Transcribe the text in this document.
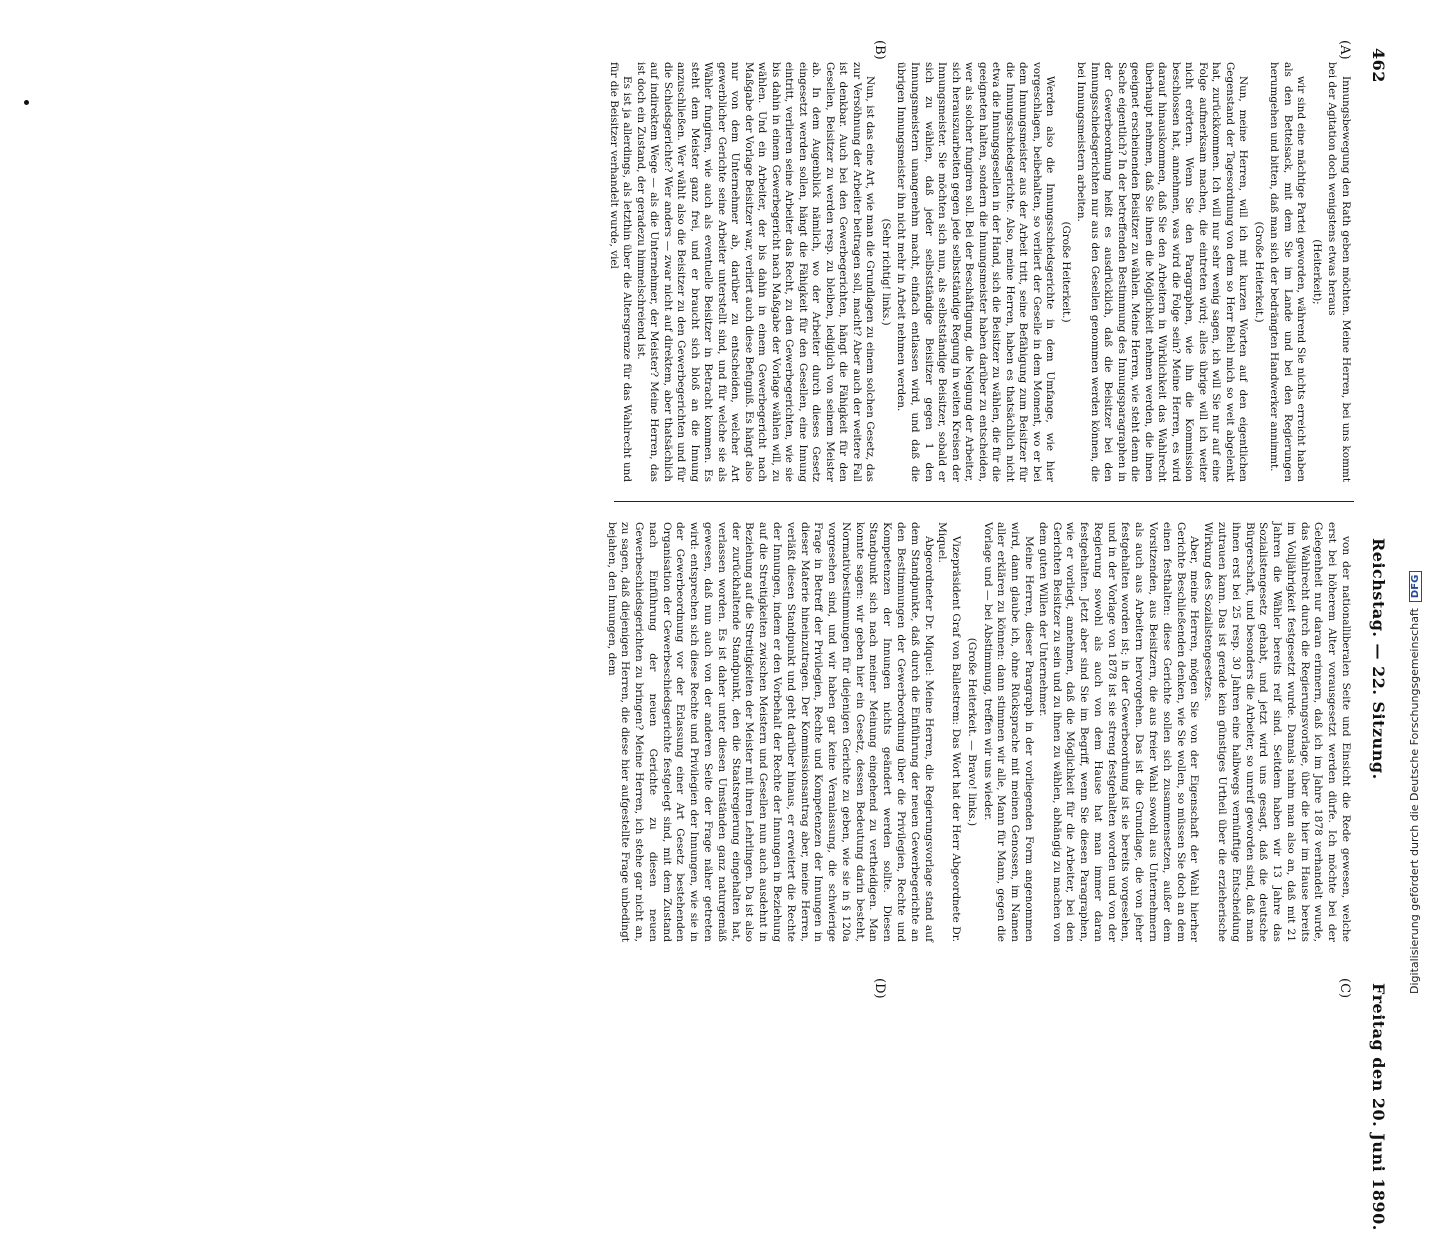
462
Reichstag. — 22. Sitzung.
Freitag den 20. Juni 1890.
(A)
(B)
(C)
(D)

Innungsbewegung den Rath geben möchten. Meine Herren, bei uns kommt bei der Agitation doch wenigstens etwas heraus

(Heiterkeit);

wir sind eine mächtige Partei geworden, während Sie nichts erreicht haben als den Bettelsack, mit dem Sie im Lande und bei den Regierungen herumgehen und bitten, daß man sich der bedrängten Handwerker annimmt.

(Große Heiterkeit.)

Nun, meine Herren, will ich mit kurzen Worten auf den eigentlichen Gegenstand der Tagesordnung von dem so Herr Biehl mich so weit abgelenkt hat, zurückkommen. Ich will nur sehr wenig sagen, ich will Sie nur auf eine Folge aufmerksam machen, die eintreten wird; alles übrige will ich weiter nicht erörtern. Wenn Sie den Paragraphen, wie ihn die Kommission beschlossen hat, annehmen, was wird die Folge sein? Meine Herren, es wird darauf hinauskommen, daß Sie den Arbeitern in Wirklichkeit das Wahlrecht überhaupt nehmen, daß Sie ihnen die Möglichkeit nehmen werden, die ihnen geeignet erscheinenden Beisitzer zu wählen. Meine Herren, wie steht denn die Sache eigentlich? In der betreffenden Bestimmung des Innungsparagraphen in der Gewerbeordnung heißt es ausdrücklich, daß die Beisitzer bei den Innungsschiedsgerichten nur aus den Gesellen genommen werden können, die bei Innungsmeistern arbeiten.

(Große Heiterkeit.)

Werden also die Innungsschiedsgerichte in dem Umfange, wie hier vorgeschlagen, beibehalten, so verliert der Geselle in dem Moment, wo er bei dem Innungsmeister aus der Arbeit tritt, seine Befähigung zum Beisitzer für die Innungsschiedsgerichte. Also, meine Herren, haben es thatsächlich nicht etwa die Innungsgesellen in der Hand, sich die Beisitzer zu wählen, die für die geeigneten halten, sondern die Innungsmeister haben darüber zu entscheiden, wer als solcher fungiren soll. Bei der Beschäftigung, die Neigung der Arbeiter, sich herauszuarbeiten gegen jede selbstständige Regung in weiten Kreisen der Innungsmeister. Sie möchten sich nun, als selbstständige Beisitzer, sobald er sich zu wählen, daß jeder selbstständige Beisitzer gegen 1 den Innungsmeistern unangenehm macht, einfach entlassen wird, und daß die übrigen Innungsmeister ihn nicht mehr in Arbeit nehmen werden.

(Sehr richtig! links.)

Nun, ist das eine Art, wie man die Grundlagen zu einem solchen Gesetz, das zur Versöhnung der Arbeiter beitragen soll, macht? Aber auch der weitere Fall ist denkbar. Auch bei den Gewerbegerichten, hängt die Fähigkeit für den Gesellen, Beisitzer zu werden resp. zu bleiben, lediglich von seinem Meister ab. In dem Augenblick nämlich, wo der Arbeiter durch dieses Gesetz eingesetzt werden sollen, hängt die Fähigkeit für den Gesellen, eine Innung eintritt, verlieren seine Arbeiter das Recht, zu den Gewerbegerichten, wie sie bis dahin in einem Gewerbegericht nach Maßgabe der Vorlage wählen will, zu wählen. Und ein Arbeiter, der bis dahin in einem Gewerbegericht nach Maßgabe der Vorlage Beisitzer war, verliert auch diese Befugniß. Es hängt also nur von dem Unternehmer ab, darüber zu entscheiden, welcher Art gewerblicher Gerichte seine Arbeiter unterstellt sind, und für welche sie als Wähler fungiren, wie auch als eventuelle Beisitzer in Betracht kommen. Es steht dem Meister ganz frei, und er braucht sich bloß an die Innung anzuschließen. Wer wählt also die Beisitzer zu den Gewerbegerichten und für die Schiedsgerichte? Wer anders — zwar nicht auf direktem, aber thatsächlich auf indirektem Wege — als die Unternehmer, der Meister? Meine Herren, das ist doch ein Zustand, der geradezu himmelschreiend ist.

Es ist ja allerdings, als letzthin über die Altersgrenze für das Wahlrecht und für die Beisitzer verhandelt wurde, viel

von der nationalliberalen Seite und Einsicht die Rede gewesen, welche erst bei höherem Alter vorausgesetzt werden dürfe. Ich möchte bei der Gelegenheit nur daran erinnern, daß ich im Jahre 1878 verhandelt wurde, das Wahlrecht durch die Regierungsvorlage, über die hier im Hause bereits im Volljährigkeit festgesetzt wurde. Damals nahm man also an, daß mit 21 Jahren die Wähler bereits reif sind. Seitdem haben wir 13 Jahre das Sozialistengesetz gehabt, und jetzt wird uns gesagt, daß die deutsche Bürgerschaft, und besonders die Arbeiter, so unreif geworden sind, daß man ihnen erst bei 25 resp. 30 Jahren eine halbwegs vernünftige Entscheidung zutrauen kann. Das ist gerade kein günstiges Urtheil über die erzieherische Wirkung des Sozialistengesetzes.

Aber, meine Herren, mögen Sie von der Eigenschaft der Wahl hierher Gerichte Beschließenden denken, wie Sie wollen, so müssen Sie doch an dem einen festhalten: diese Gerichte sollen sich zusammensetzen, außer dem Vorsitzenden, aus Beisitzern, die aus freier Wahl sowohl aus Unternehmern als auch aus Arbeitern hervorgehen. Das ist die Grundlage, die von jeher festgehalten worden ist; in der Gewerbeordnung ist sie bereits vorgesehen, und in der Vorlage von 1878 ist sie streng festgehalten worden und von der Regierung sowohl als auch von dem Hause hat man immer daran festgehalten. Jetzt aber sind Sie im Begriff, wenn Sie diesen Paragraphen, wie er vorliegt, annehmen, daß die Möglichkeit für die Arbeiter, bei den Gerichten Beisitzer zu sein und zu ihnen zu wählen, abhängig zu machen von dem guten Willen der Unternehmer.

Meine Herren, dieser Paragraph in der vorliegenden Form angenommen wird, dann glaube ich, ohne Rücksprache mit meinen Genossen, im Namen aller erklären zu können: dann stimmen wir alle, Mann für Mann, gegen die Vorlage und — bei Abstimmung, treffen wir uns wieder.

(Große Heiterkeit. — Bravo! links.)

Vizepräsident Graf von Ballestrem: Das Wort hat der Herr Abgeordnete Dr. Miquel.

Abgeordneter Dr. Miquel: Meine Herren, die Regierungsvorlage stand auf dem Standpunkte, daß durch die Einführung der neuen Gewerbegerichte an den Bestimmungen der Gewerbeordnung über die Privilegien, Rechte und Kompetenzen der Innungen nichts geändert werden sollte. Diesen Standpunkt sich nach meiner Meinung eingehend zu vertheidigen. Man konnte sagen: wir geben hier ein Gesetz, dessen Bedeutung darin besteht, Normativbestimmungen für diejenigen Gerichte zu geben, wie sie in § 120a vorgesehen sind, und wir haben gar keine Veranlassung, die schwierige Frage in Betreff der Privilegien, Rechte und Kompetenzen der Innungen in dieser Materie hineinzutragen. Der Kommissionsantrag aber, meine Herren, verläßt diesen Standpunkt und geht darüber hinaus, er erweitert die Rechte der Innungen, indem er den Vorbehalt der Rechte der Innungen in Beziehung auf die Streitigkeiten zwischen Meistern und Gesellen nun auch ausdehnt in Beziehung auf die Streitigkeiten der Meister mit ihren Lehrlingen. Da ist also der zurückhaltende Standpunkt, den die Staatsregierung eingehalten hat, verlassen worden. Es ist daher unter diesen Umständen ganz naturgemäß gewesen, daß nun auch von der anderen Seite der Frage näher getreten wird: entsprechen sich diese Rechte und Privilegien der Innungen, wie sie in der Gewerbeordnung vor der Erlassung einer Art Gesetz bestehenden Organisation der Gewerbeschiedsgerichte festgelegt sind, mit dem Zustand nach Einführung der neuen Gerichte zu diesen neuen Gewerbeschiedsgerichten zu bringen? Meine Herren, ich stehe gar nicht an, zu sagen, daß diejenigen Herren, die diese hier aufgestellte Frage unbedingt bejahen, den Innungen, dem

Digitalisierung gefördert durch die Deutsche ForschungsgemeinschaftDFG
